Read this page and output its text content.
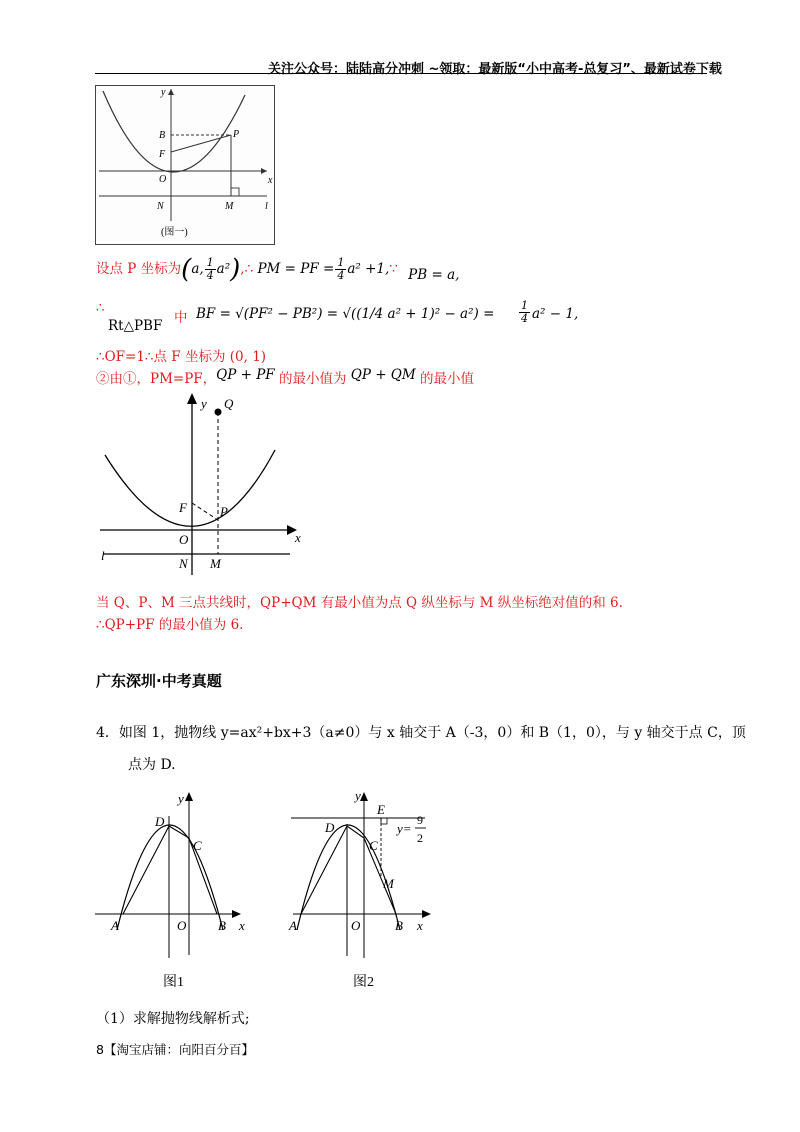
关注公众号：陆陆高分冲刺 ~领取：最新版“小中高考-总复习”、最新试卷下载
y
x
B	P
F
O
N	M	l
(图一)
设点 P 坐标为(a, $\frac{1}{4}$ a²),∴ PM = PF = $\frac{1}{4} a^2$ +1,∵ PB = a,
∴
Rt△PBF 中 BF = √(PF² − PB²) = √((1/4 $a^2 + 1)^2 - a^2) = \frac{1}{4} a^2 - 1$,
∴OF=1∴点 F 坐标为 (0, 1)
②由①，PM=PF，QP + PF 的最小值为 QP + QM 的最小值
y Q
F	P
O	x
l
N M
当 Q、P、M 三点共线时，QP+QM 有最小值为点 Q 纵坐标与 M 纵坐标绝对值的和 6.
∴QP+PF 的最小值为 6.
广东深圳·中考真题
4．如图 1，抛物线 y=ax²+bx+3（a≠0）与 x 轴交于 A（-3，0）和 B（1，0），与 y 轴交于点 C，顶
点为 D.
y
D
C
A	O B x
图1
y
E
y=
9
2
D
C
M
A	O	B x
图2
（1）求解抛物线解析式;
8【淘宝店铺：向阳百分百】
